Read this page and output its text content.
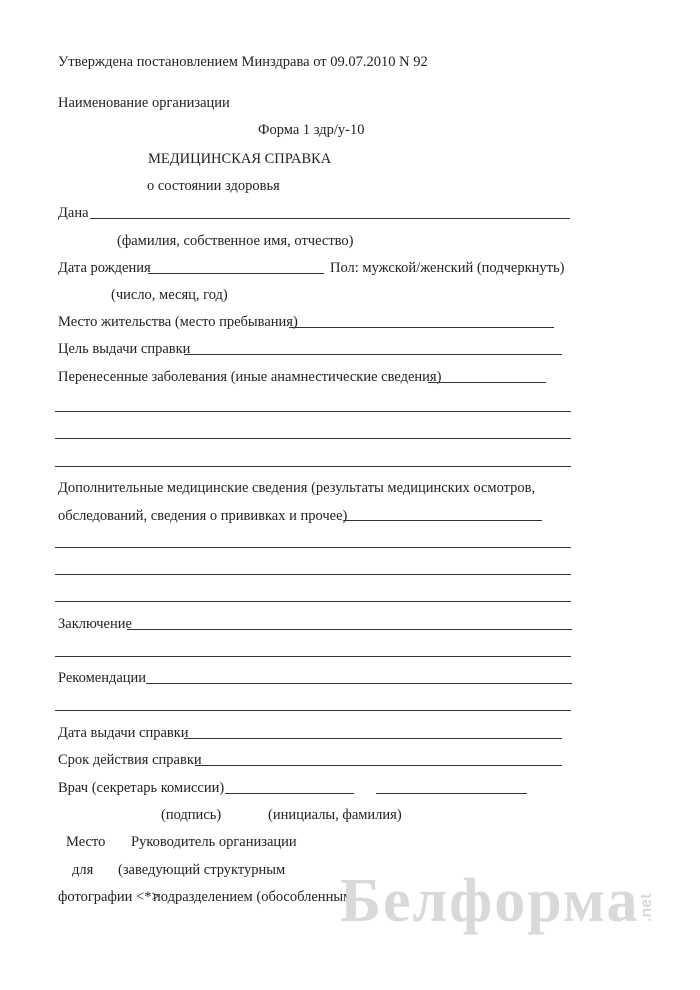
Утверждена постановлением Минздрава от 09.07.2010 N 92
Наименование организации
Форма 1 здр/у-10
МЕДИЦИНСКАЯ СПРАВКА
о состоянии здоровья
Дана
(фамилия, собственное имя, отчество)
Дата рождения	Пол: мужской/женский (подчеркнуть)
(число, месяц, год)
Место жительства (место пребывания)
Цель выдачи справки
Перенесенные заболевания (иные анамнестические сведения)
Дополнительные медицинские сведения (результаты медицинских осмотров,
обследований, сведения о прививках и прочее)
Заключение
Рекомендации
Дата выдачи справки
Срок действия справки
Врач (секретарь комиссии)
(подпись)	(инициалы, фамилия)
Место
для
фотографии <*>
Руководитель организации
(заведующий структурным
подразделением (обособленным
Белформа
.net
